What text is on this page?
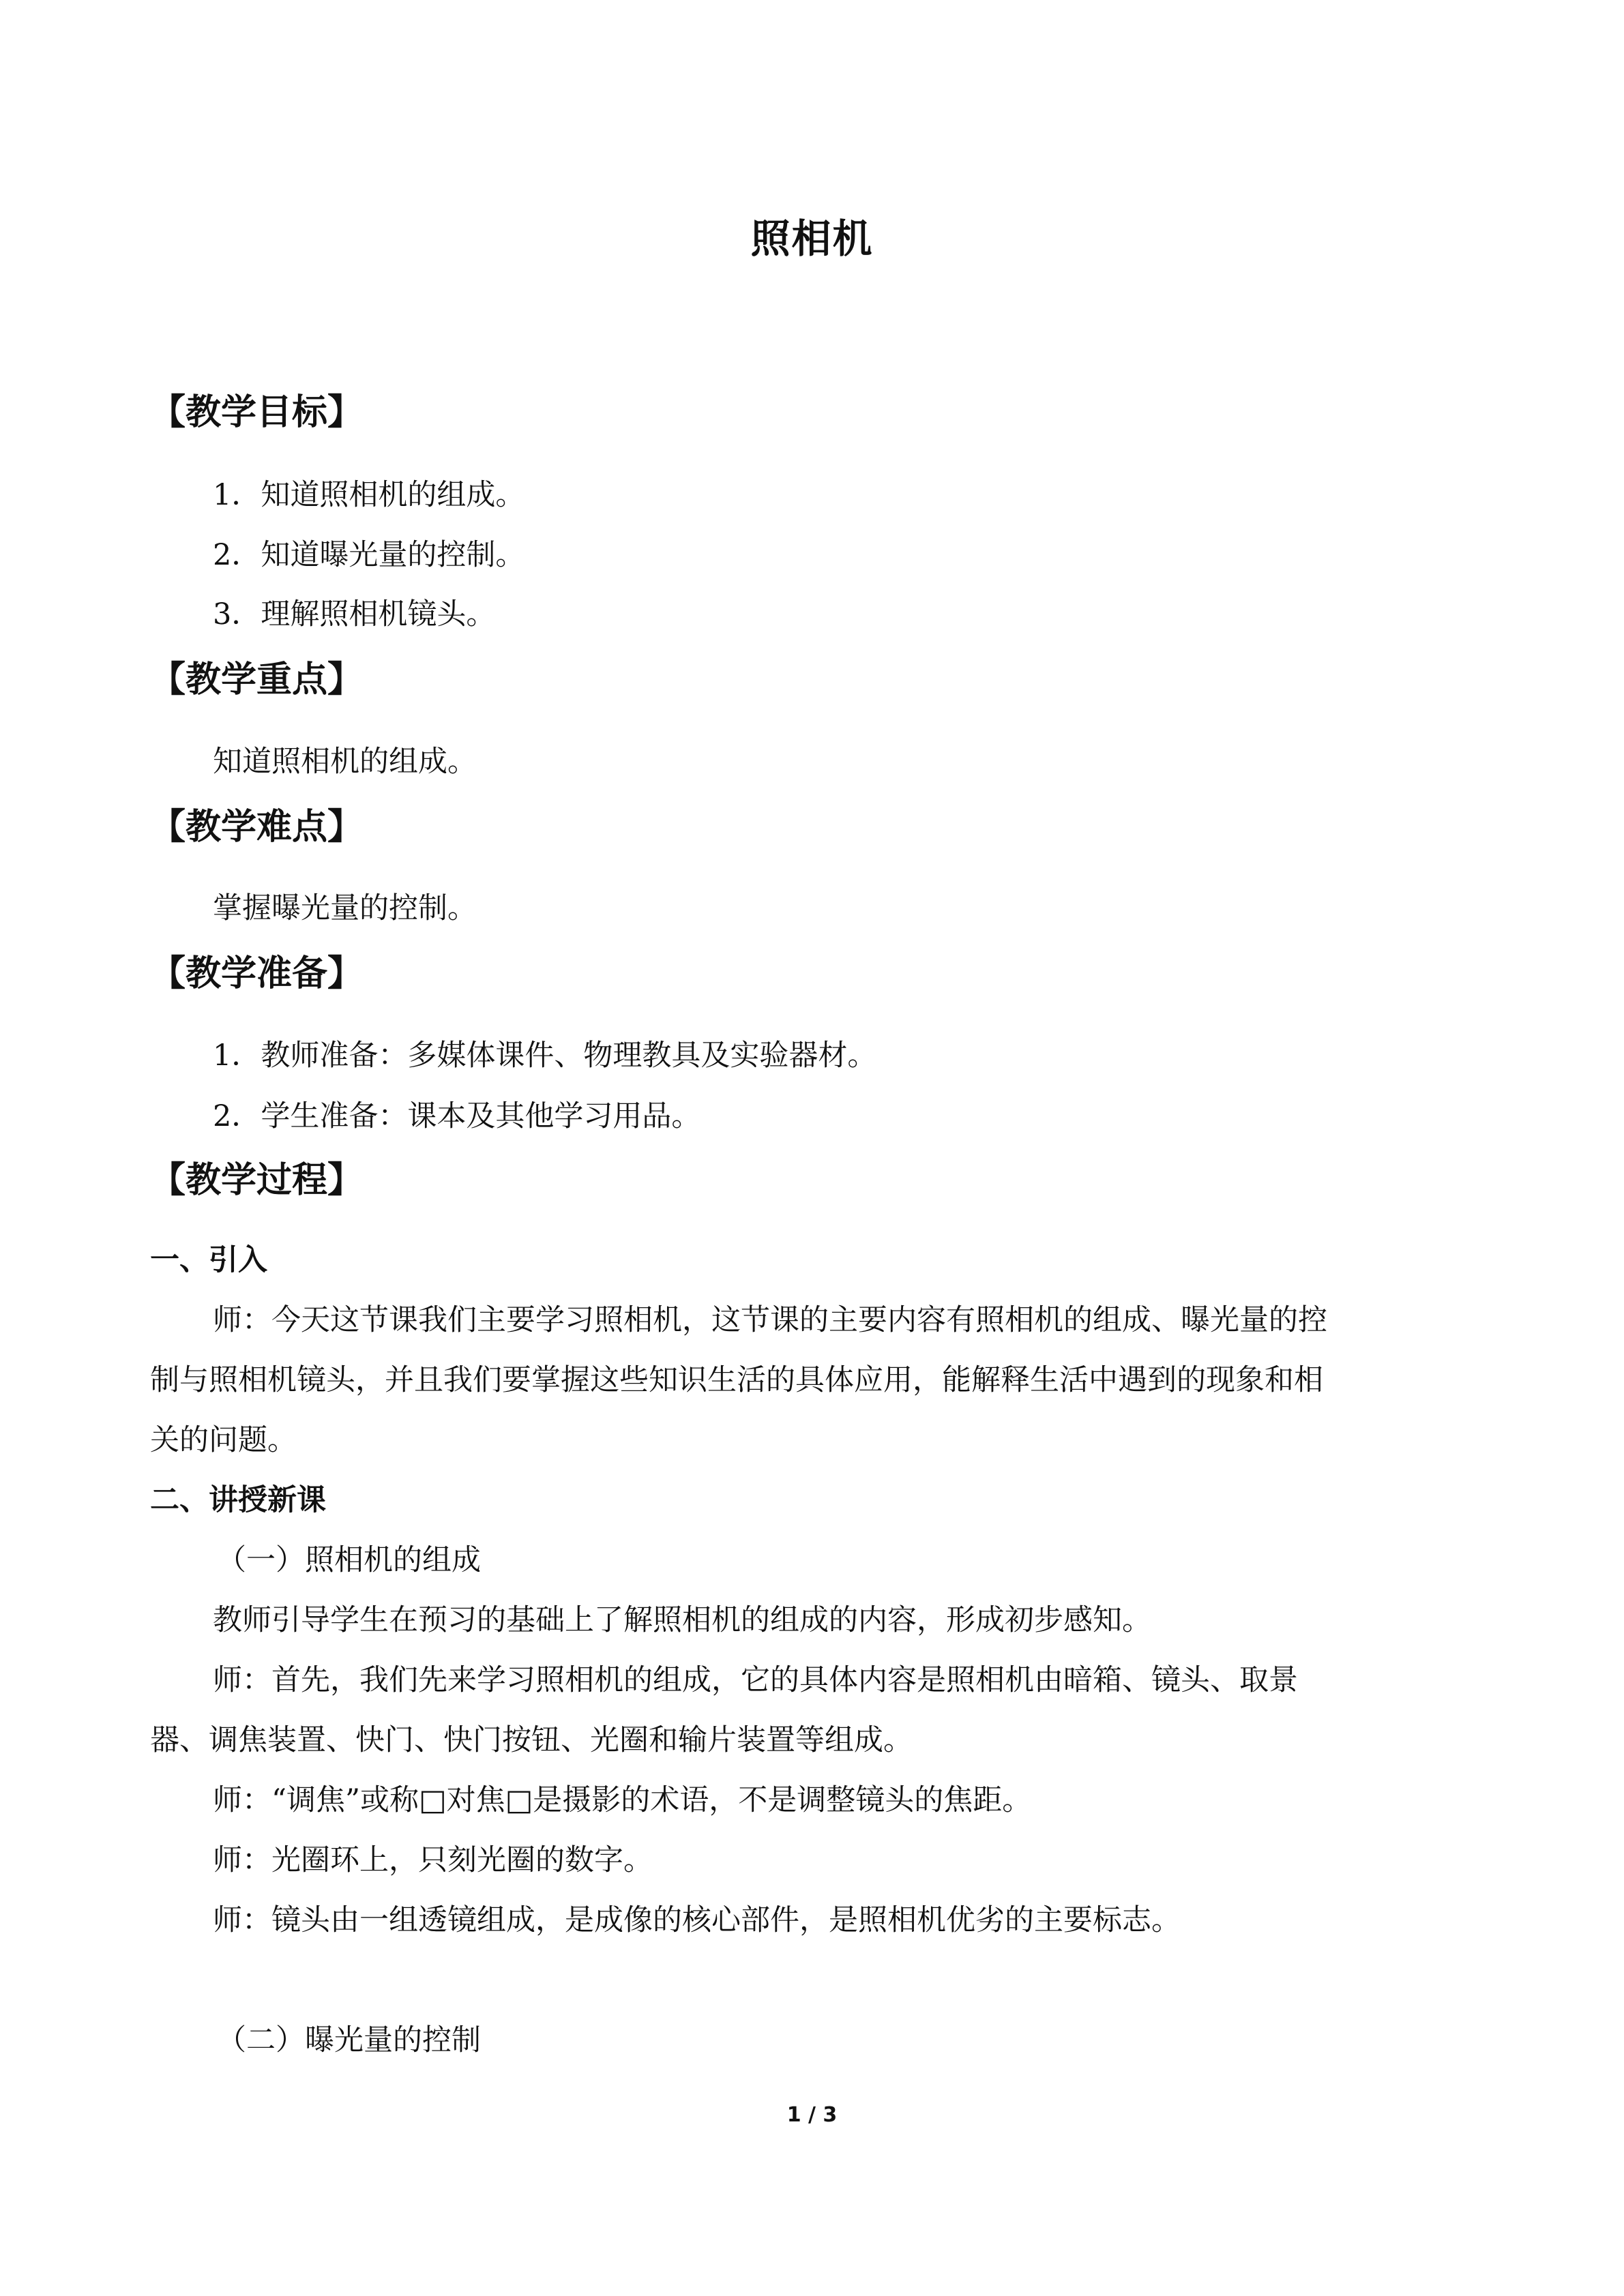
照相机
【教学目标】
1．知道照相机的组成。
2．知道曝光量的控制。
3．理解照相机镜头。
【教学重点】
知道照相机的组成。
【教学难点】
掌握曝光量的控制。
【教学准备】
1．教师准备：多媒体课件、物理教具及实验器材。
2．学生准备：课本及其他学习用品。
【教学过程】
一、引入
师：今天这节课我们主要学习照相机，这节课的主要内容有照相机的组成、曝光量的控
制与照相机镜头，并且我们要掌握这些知识生活的具体应用，能解释生活中遇到的现象和相
关的问题。
二、讲授新课
（一）照相机的组成
教师引导学生在预习的基础上了解照相机的组成的内容，形成初步感知。
师：首先，我们先来学习照相机的组成，它的具体内容是照相机由暗箱、镜头、取景
器、调焦装置、快门、快门按钮、光圈和输片装置等组成。
师：“调焦”或称□对焦□是摄影的术语，不是调整镜头的焦距。
师：光圈环上，只刻光圈的数字。
师：镜头由一组透镜组成，是成像的核心部件，是照相机优劣的主要标志。
（二）曝光量的控制
1 / 3
